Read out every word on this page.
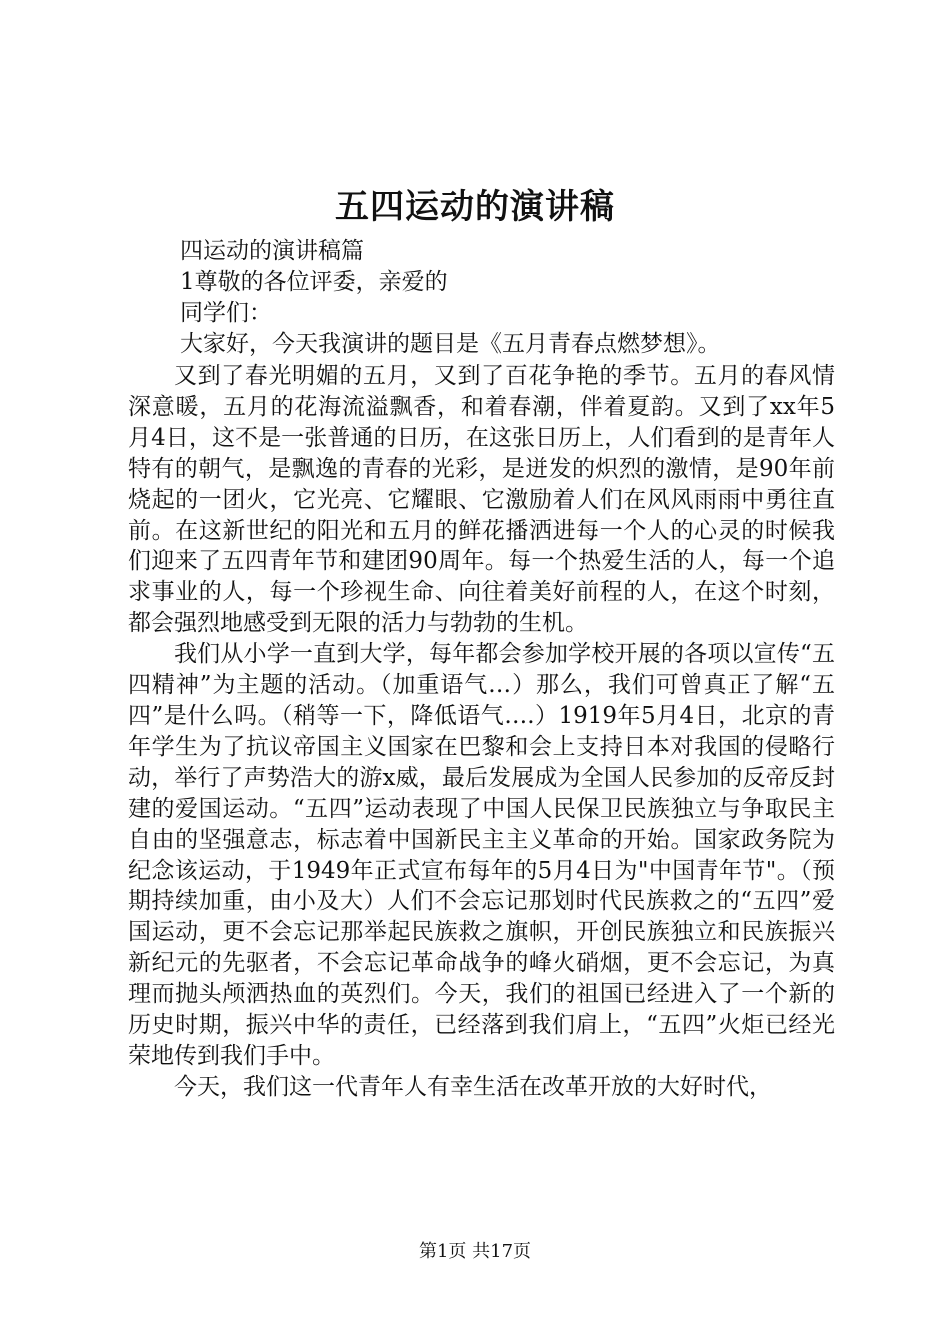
五四运动的演讲稿
四运动的演讲稿篇
1尊敬的各位评委，亲爱的
同学们：
大家好，今天我演讲的题目是《五月青春点燃梦想》。

又到了春光明媚的五月，又到了百花争艳的季节。五月的春风情深意暖，五月的花海流溢飘香，和着春潮，伴着夏韵。又到了xx年5月4日，这不是一张普通的日历，在这张日历上，人们看到的是青年人特有的朝气，是飘逸的青春的光彩，是迸发的炽烈的激情，是90年前烧起的一团火，它光亮、它耀眼、它激励着人们在风风雨雨中勇往直前。在这新世纪的阳光和五月的鲜花播洒进每一个人的心灵的时候我们迎来了五四青年节和建团90周年。每一个热爱生活的人，每一个追求事业的人，每一个珍视生命、向往着美好前程的人，在这个时刻，都会强烈地感受到无限的活力与勃勃的生机。

我们从小学一直到大学，每年都会参加学校开展的各项以宣传“五四精神”为主题的活动。（加重语气…）那么，我们可曾真正了解“五四”是什么吗。（稍等一下，降低语气….）1919年5月4日，北京的青年学生为了抗议帝国主义国家在巴黎和会上支持日本对我国的侵略行动，举行了声势浩大的游x威，最后发展成为全国人民参加的反帝反封建的爱国运动。“五四”运动表现了中国人民保卫民族独立与争取民主自由的坚强意志，标志着中国新民主主义革命的开始。国家政务院为纪念该运动，于1949年正式宣布每年的5月4日为"中国青年节"。（预期持续加重，由小及大）人们不会忘记那划时代民族救之的“五四”爱国运动，更不会忘记那举起民族救之旗帜，开创民族独立和民族振兴新纪元的先驱者，不会忘记革命战争的峰火硝烟，更不会忘记，为真理而抛头颅洒热血的英烈们。今天，我们的祖国已经进入了一个新的历史时期，振兴中华的责任，已经落到我们肩上，“五四”火炬已经光荣地传到我们手中。

今天，我们这一代青年人有幸生活在改革开放的大好时代，

第1页 共17页
